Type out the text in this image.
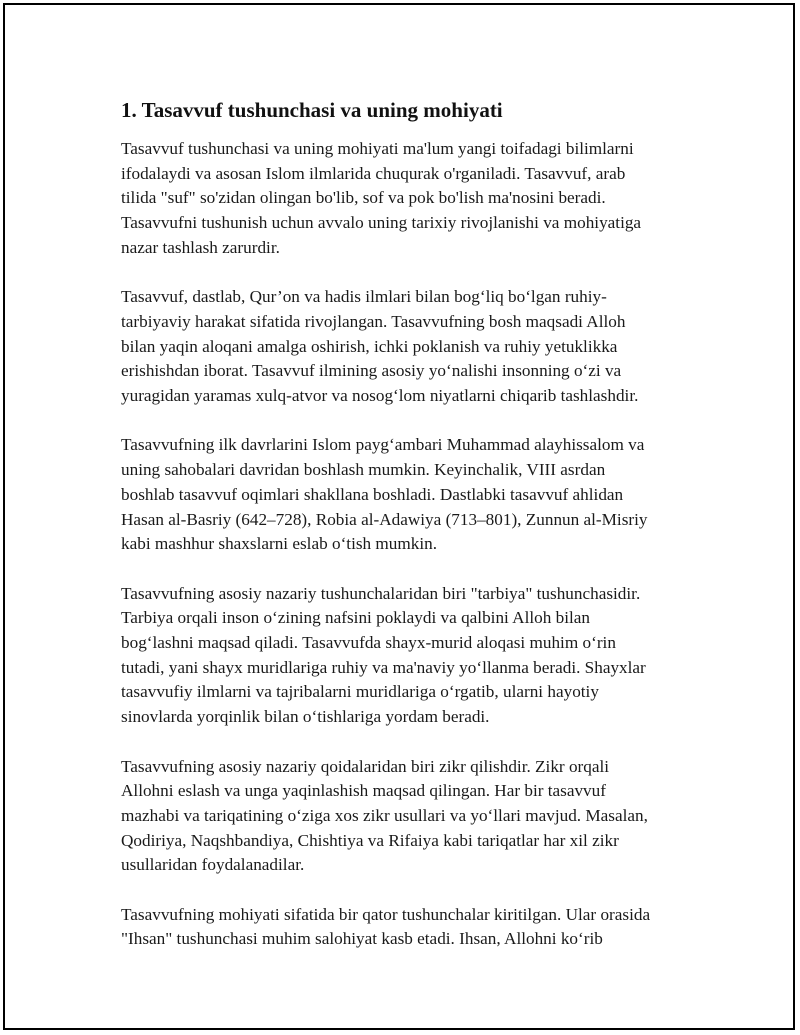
1. Tasavvuf tushunchasi va uning mohiyati

Tasavvuf tushunchasi va uning mohiyati ma'lum yangi toifadagi bilimlarni
ifodalaydi va asosan Islom ilmlarida chuqurak o'rganiladi. Tasavvuf, arab
tilida "suf" so'zidan olingan bo'lib, sof va pok bo'lish ma'nosini beradi.
Tasavvufni tushunish uchun avvalo uning tarixiy rivojlanishi va mohiyatiga
nazar tashlash zarurdir.

Tasavvuf, dastlab, Qur’on va hadis ilmlari bilan bog‘liq bo‘lgan ruhiy-
tarbiyaviy harakat sifatida rivojlangan. Tasavvufning bosh maqsadi Alloh
bilan yaqin aloqani amalga oshirish, ichki poklanish va ruhiy yetuklikka
erishishdan iborat. Tasavvuf ilmining asosiy yo‘nalishi insonning o‘zi va
yuragidan yaramas xulq-atvor va nosog‘lom niyatlarni chiqarib tashlashdir.

Tasavvufning ilk davrlarini Islom payg‘ambari Muhammad alayhissalom va
uning sahobalari davridan boshlash mumkin. Keyinchalik, VIII asrdan
boshlab tasavvuf oqimlari shakllana boshladi. Dastlabki tasavvuf ahlidan
Hasan al-Basriy (642–728), Robia al-Adawiya (713–801), Zunnun al-Misriy
kabi mashhur shaxslarni eslab o‘tish mumkin.

Tasavvufning asosiy nazariy tushunchalaridan biri "tarbiya" tushunchasidir.
Tarbiya orqali inson o‘zining nafsini poklaydi va qalbini Alloh bilan
bog‘lashni maqsad qiladi. Tasavvufda shayx-murid aloqasi muhim o‘rin
tutadi, yani shayx muridlariga ruhiy va ma'naviy yo‘llanma beradi. Shayxlar
tasavvufiy ilmlarni va tajribalarni muridlariga o‘rgatib, ularni hayotiy
sinovlarda yorqinlik bilan o‘tishlariga yordam beradi.

Tasavvufning asosiy nazariy qoidalaridan biri zikr qilishdir. Zikr orqali
Allohni eslash va unga yaqinlashish maqsad qilingan. Har bir tasavvuf
mazhabi va tariqatining o‘ziga xos zikr usullari va yo‘llari mavjud. Masalan,
Qodiriya, Naqshbandiya, Chishtiya va Rifaiya kabi tariqatlar har xil zikr
usullaridan foydalanadilar.

Tasavvufning mohiyati sifatida bir qator tushunchalar kiritilgan. Ular orasida
"Ihsan" tushunchasi muhim salohiyat kasb etadi. Ihsan, Allohni ko‘rib
